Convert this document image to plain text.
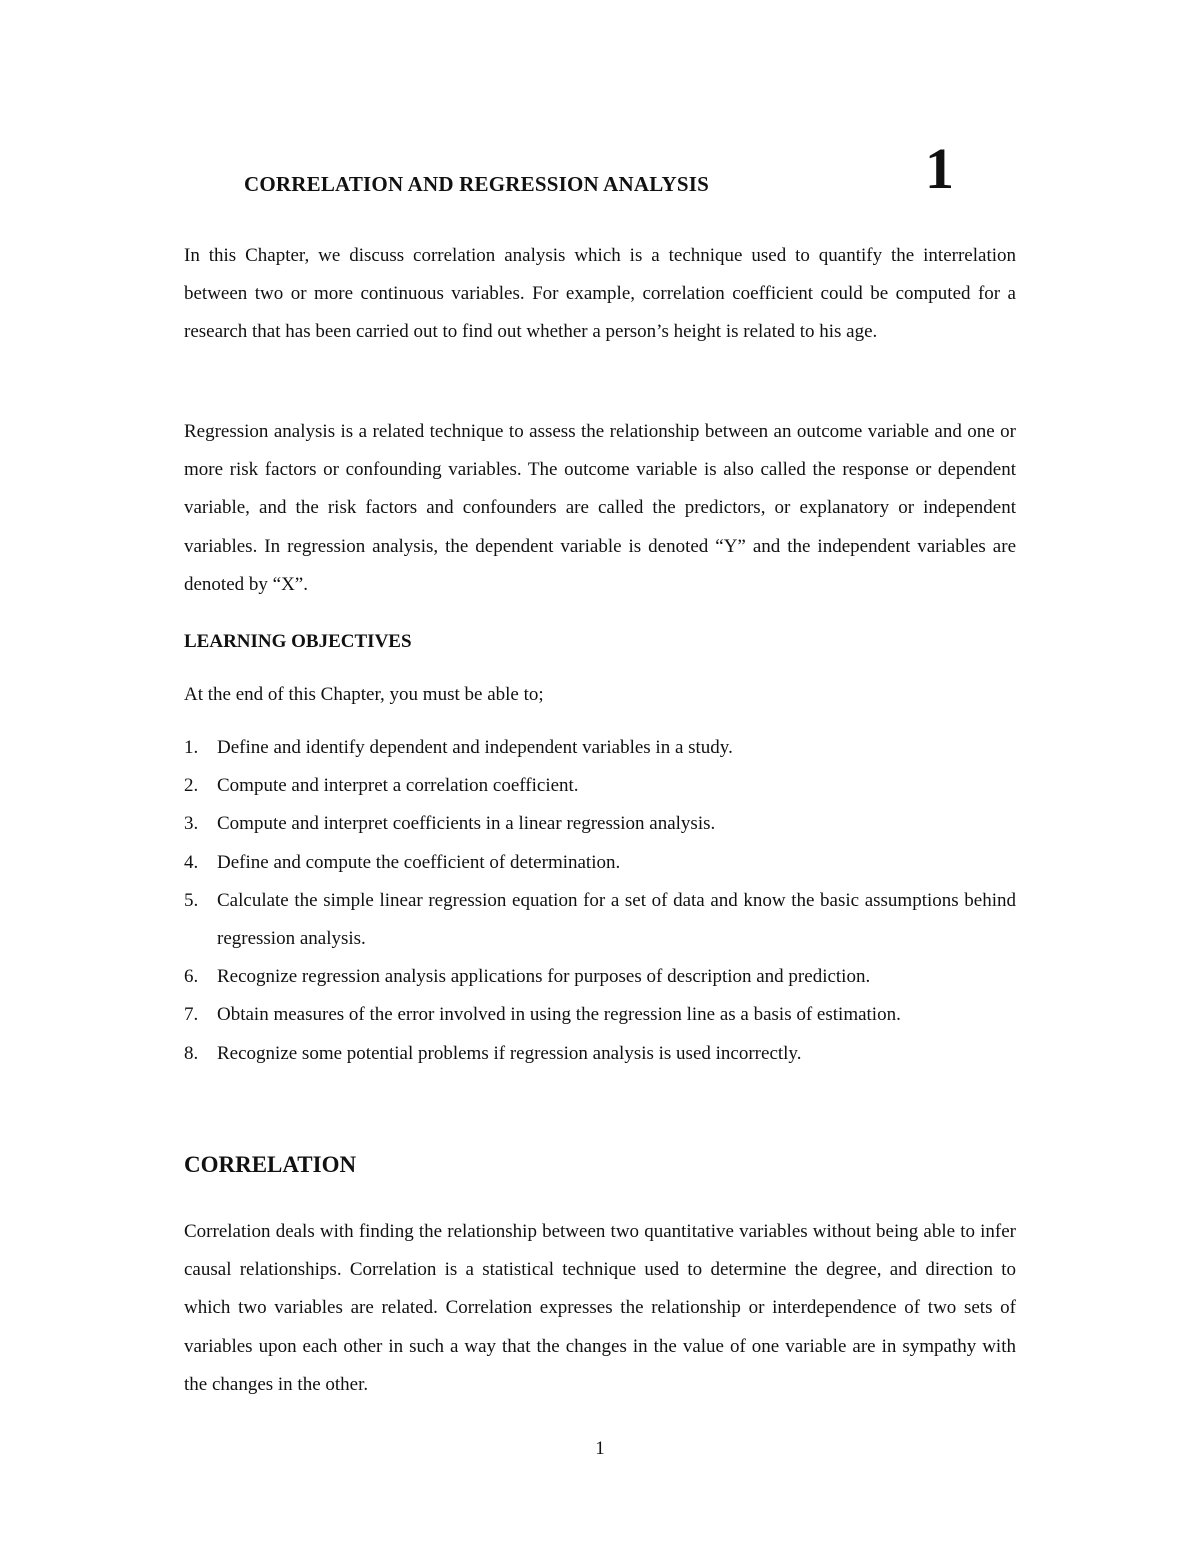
CORRELATION AND REGRESSION ANALYSIS	1

In this Chapter, we discuss correlation analysis which is a technique used to quantify the interrelation between two or more continuous variables. For example, correlation coefficient could be computed for a research that has been carried out to find out whether a person’s height is related to his age.

Regression analysis is a related technique to assess the relationship between an outcome variable and one or more risk factors or confounding variables. The outcome variable is also called the response or dependent variable, and the risk factors and confounders are called the predictors, or explanatory or independent variables. In regression analysis, the dependent variable is denoted “Y” and the independent variables are denoted by “X”.

LEARNING OBJECTIVES

At the end of this Chapter, you must be able to;

1. Define and identify dependent and independent variables in a study.
2. Compute and interpret a correlation coefficient.
3. Compute and interpret coefficients in a linear regression analysis.
4. Define and compute the coefficient of determination.
5. Calculate the simple linear regression equation for a set of data and know the basic assumptions behind regression analysis.
6. Recognize regression analysis applications for purposes of description and prediction.
7. Obtain measures of the error involved in using the regression line as a basis of estimation.
8. Recognize some potential problems if regression analysis is used incorrectly.
CORRELATION

Correlation deals with finding the relationship between two quantitative variables without being able to infer causal relationships. Correlation is a statistical technique used to determine the degree, and direction to which two variables are related. Correlation expresses the relationship or interdependence of two sets of variables upon each other in such a way that the changes in the value of one variable are in sympathy with the changes in the other.

1
